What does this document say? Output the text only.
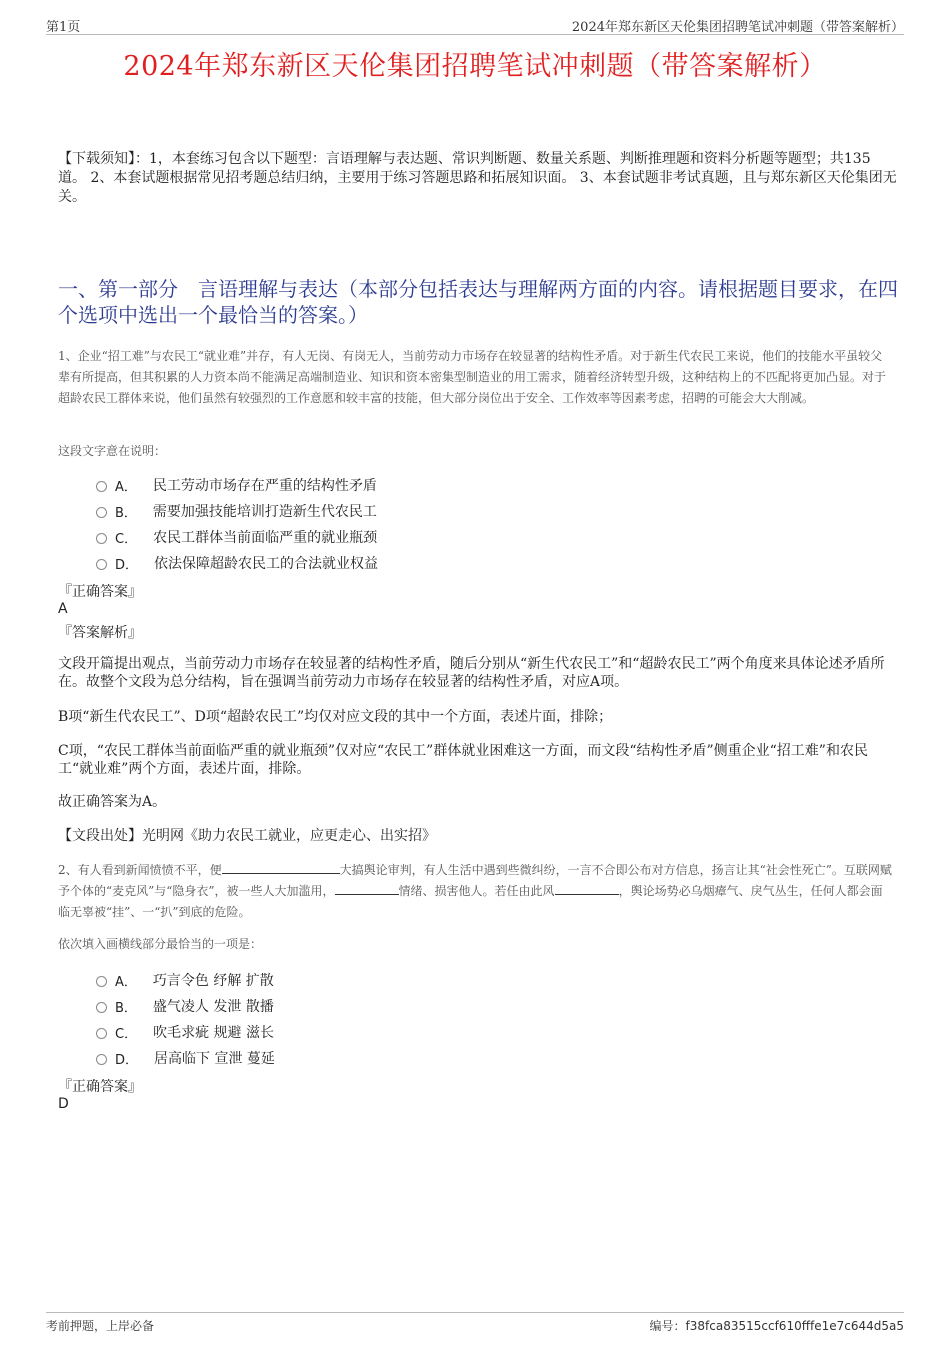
第1页	2024年郑东新区天伦集团招聘笔试冲刺题（带答案解析）
2024年郑东新区天伦集团招聘笔试冲刺题（带答案解析）
【下载须知】：1，本套练习包含以下题型：言语理解与表达题、常识判断题、数量关系题、判断推理题和资料分析题等题型；共135道。 2、本套试题根据常见招考题总结归纳，主要用于练习答题思路和拓展知识面。 3、本套试题非考试真题，且与郑东新区天伦集团无关。
一、第一部分　言语理解与表达（本部分包括表达与理解两方面的内容。请根据题目要求，在四个选项中选出一个最恰当的答案。）
1、企业“招工难”与农民工“就业难”并存，有人无岗、有岗无人，当前劳动力市场存在较显著的结构性矛盾。对于新生代农民工来说，他们的技能水平虽较父辈有所提高，但其积累的人力资本尚不能满足高端制造业、知识和资本密集型制造业的用工需求，随着经济转型升级，这种结构上的不匹配将更加凸显。对于超龄农民工群体来说，他们虽然有较强烈的工作意愿和较丰富的技能，但大部分岗位出于安全、工作效率等因素考虑，招聘的可能会大大削减。
这段文字意在说明：
A． 民工劳动市场存在严重的结构性矛盾
B． 需要加强技能培训打造新生代农民工
C． 农民工群体当前面临严重的就业瓶颈
D． 依法保障超龄农民工的合法就业权益
『正确答案』
A
『答案解析』
文段开篇提出观点，当前劳动力市场存在较显著的结构性矛盾，随后分别从“新生代农民工”和“超龄农民工”两个角度来具体论述矛盾所在。故整个文段为总分结构，旨在强调当前劳动力市场存在较显著的结构性矛盾，对应A项。
B项“新生代农民工”、D项“超龄农民工”均仅对应文段的其中一个方面，表述片面，排除；
C项，“农民工群体当前面临严重的就业瓶颈”仅对应“农民工”群体就业困难这一方面，而文段“结构性矛盾”侧重企业“招工难”和农民工“就业难”两个方面，表述片面，排除。
故正确答案为A。
【文段出处】光明网《助力农民工就业，应更走心、出实招》
2、有人看到新闻愤愤不平，便	大搞舆论审判，有人生活中遇到些微纠纷，一言不合即公布对方信息，扬言让其“社会性死亡”。互联网赋予个体的“麦克风”与“隐身衣”，被一些人大加滥用，	情绪、损害他人。若任由此风	，舆论场势必乌烟瘴气、戾气丛生，任何人都会面临无辜被“挂”、一“扒”到底的危险。
依次填入画横线部分最恰当的一项是：
A． 巧言令色 纾解 扩散
B． 盛气凌人 发泄 散播
C． 吹毛求疵 规避 滋长
D． 居高临下 宣泄 蔓延
『正确答案』
D
考前押题，上岸必备	编号：f38fca83515ccf610fffe1e7c644d5a5
